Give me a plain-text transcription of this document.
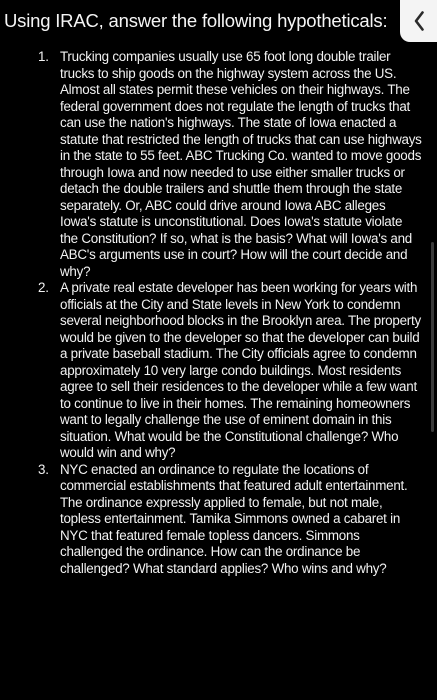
Using IRAC, answer the following hypotheticals:
1. Trucking companies usually use 65 foot long double trailer trucks to ship goods on the highway system across the US. Almost all states permit these vehicles on their highways. The federal government does not regulate the length of trucks that can use the nation's highways. The state of Iowa enacted a statute that restricted the length of trucks that can use highways in the state to 55 feet. ABC Trucking Co. wanted to move goods through Iowa and now needed to use either smaller trucks or detach the double trailers and shuttle them through the state separately. Or, ABC could drive around Iowa ABC alleges Iowa's statute is unconstitutional. Does Iowa's statute violate the Constitution? If so, what is the basis? What will Iowa's and ABC's arguments use in court? How will the court decide and why?
2. A private real estate developer has been working for years with officials at the City and State levels in New York to condemn several neighborhood blocks in the Brooklyn area. The property would be given to the developer so that the developer can build a private baseball stadium. The City officials agree to condemn approximately 10 very large condo buildings. Most residents agree to sell their residences to the developer while a few want to continue to live in their homes. The remaining homeowners want to legally challenge the use of eminent domain in this situation. What would be the Constitutional challenge? Who would win and why?
3. NYC enacted an ordinance to regulate the locations of commercial establishments that featured adult entertainment. The ordinance expressly applied to female, but not male, topless entertainment. Tamika Simmons owned a cabaret in NYC that featured female topless dancers. Simmons challenged the ordinance. How can the ordinance be challenged? What standard applies? Who wins and why?
